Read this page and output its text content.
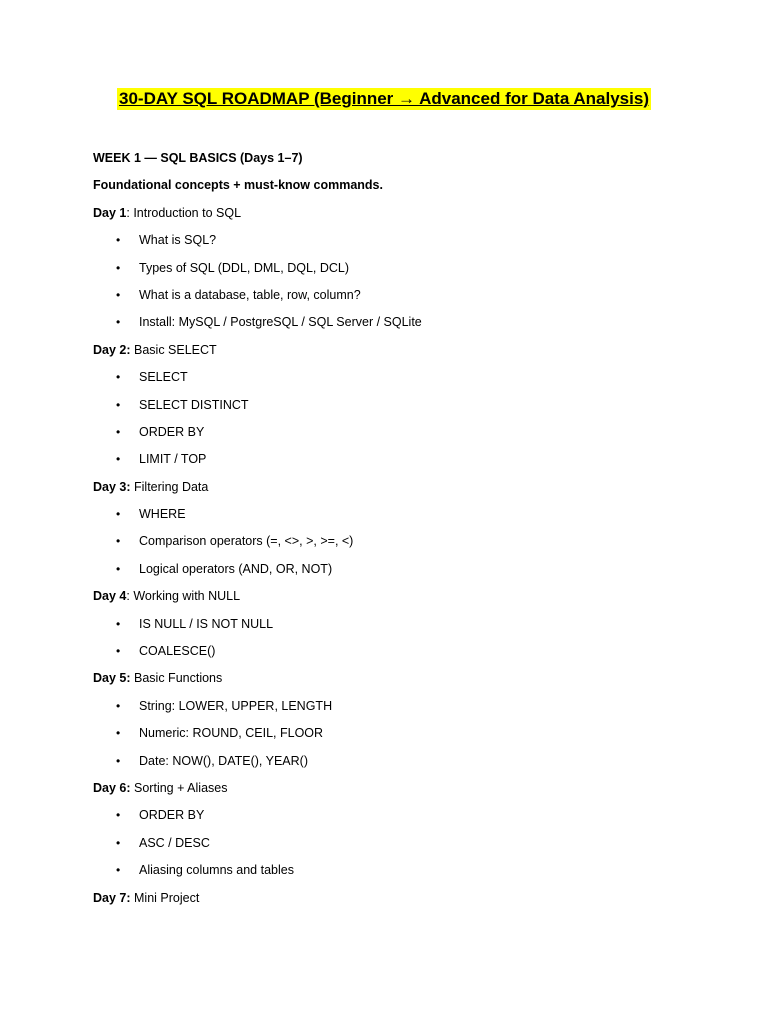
30-DAY SQL ROADMAP (Beginner → Advanced for Data Analysis)
WEEK 1 — SQL BASICS (Days 1–7)
Foundational concepts + must-know commands.
Day 1: Introduction to SQL
• What is SQL?
• Types of SQL (DDL, DML, DQL, DCL)
• What is a database, table, row, column?
• Install: MySQL / PostgreSQL / SQL Server / SQLite
Day 2: Basic SELECT
• SELECT
• SELECT DISTINCT
• ORDER BY
• LIMIT / TOP
Day 3: Filtering Data
• WHERE
• Comparison operators (=, <>, >, >=, <)
• Logical operators (AND, OR, NOT)
Day 4: Working with NULL
• IS NULL / IS NOT NULL
• COALESCE()
Day 5: Basic Functions
• String: LOWER, UPPER, LENGTH
• Numeric: ROUND, CEIL, FLOOR
• Date: NOW(), DATE(), YEAR()
Day 6: Sorting + Aliases
• ORDER BY
• ASC / DESC
• Aliasing columns and tables
Day 7: Mini Project
